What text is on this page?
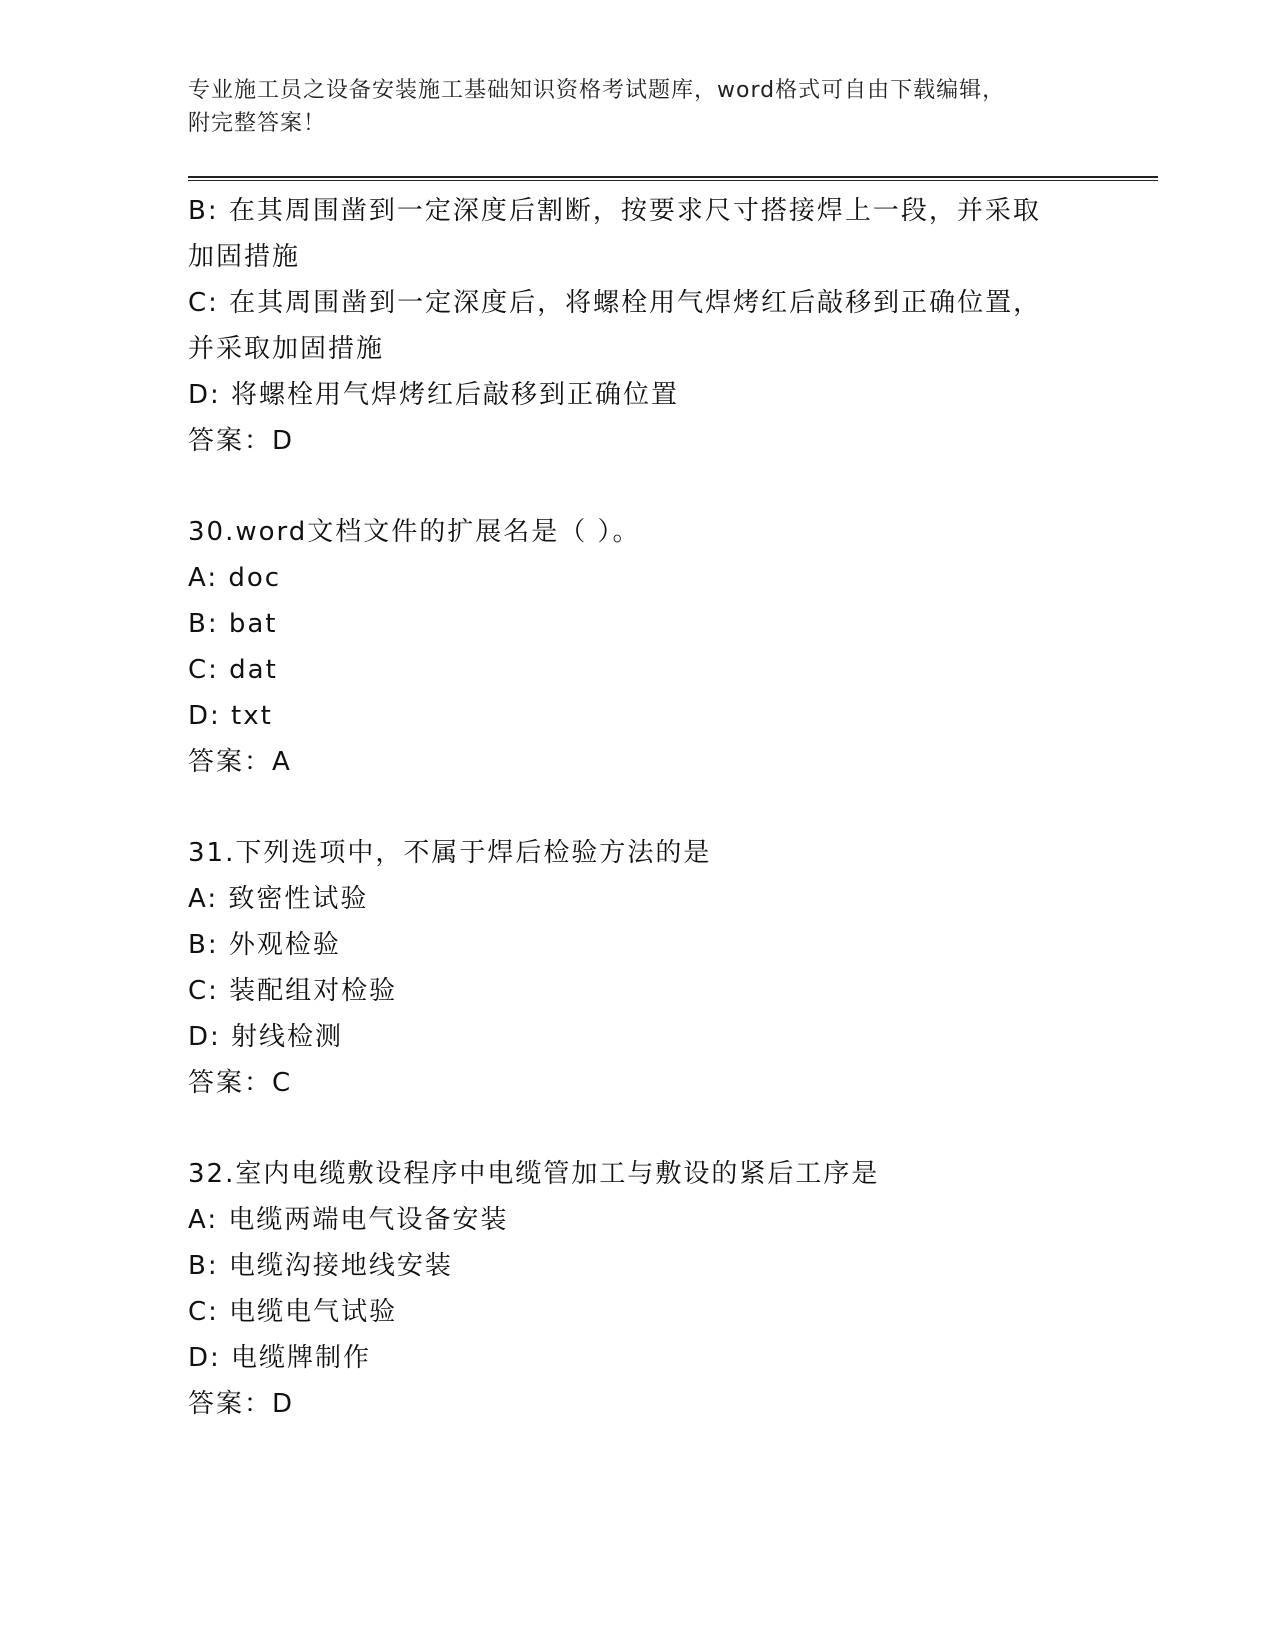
专业施工员之设备安装施工基础知识资格考试题库，word格式可自由下载编辑，
附完整答案！
B: 在其周围凿到一定深度后割断，按要求尺寸搭接焊上一段，并采取
加固措施
C: 在其周围凿到一定深度后，将螺栓用气焊烤红后敲移到正确位置，
并采取加固措施
D: 将螺栓用气焊烤红后敲移到正确位置
答案：D
30.word文档文件的扩展名是（ ）。
A: doc
B: bat
C: dat
D: txt
答案：A
31.下列选项中，不属于焊后检验方法的是
A: 致密性试验
B: 外观检验
C: 装配组对检验
D: 射线检测
答案：C
32.室内电缆敷设程序中电缆管加工与敷设的紧后工序是
A: 电缆两端电气设备安装
B: 电缆沟接地线安装
C: 电缆电气试验
D: 电缆牌制作
答案：D
